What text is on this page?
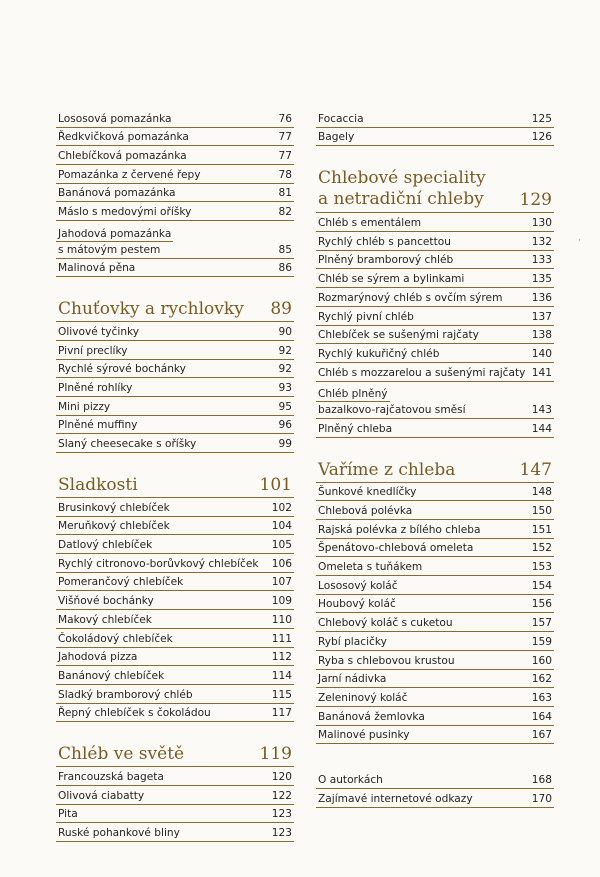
Lososová pomazánka	76
Ředkvičková pomazánka	77
Chlebíčková pomazánka	77
Pomazánka z červené řepy	78
Banánová pomazánka	81
Máslo s medovými oříšky	82
Jahodová pomazánka
s mátovým pestem	85
Malinová pěna	86
Chuťovky a rychlovky 89
Olivové tyčinky	90
Pivní preclíky	92
Rychlé sýrové bochánky	92
Plněné rohlíky	93
Mini pizzy	95
Plněné muffiny	96
Slaný cheesecake s oříšky	99
Sladkosti	101
Brusinkový chlebíček	102
Meruňkový chlebíček	104
Datlový chlebíček	105
Rychlý citronovo-borůvkový chlebíček 106
Pomerančový chlebíček	107
Višňové bochánky	109
Makový chlebíček	110
Čokoládový chlebíček	111
Jahodová pizza	112
Banánový chlebíček	114
Sladký bramborový chléb	115
Řepný chlebíček s čokoládou	117
Chléb ve světě	119
Francouzská bageta	120
Olivová ciabatty	122
Pita	123
Ruské pohankové bliny	123
Focaccia	125
Bagely	126
Chlebové speciality
a netradiční chleby 129
Chléb s ementálem	130
Rychlý chléb s pancettou	132
Plněný bramborový chléb	133
Chléb se sýrem a bylinkami	135
Rozmarýnový chléb s ovčím sýrem	136
Rychlý pivní chléb	137
Chlebíček se sušenými rajčaty	138
Rychlý kukuřičný chléb	140
Chléb s mozzarelou a sušenými rajčaty 141
Chléb plněný
bazalkovo-rajčatovou směsí	143
Plněný chleba	144
Vaříme z chleba	147
Šunkové knedlíčky	148
Chlebová polévka	150
Rajská polévka z bílého chleba	151
Špenátovo-chlebová omeleta	152
Omeleta s tuňákem	153
Lososový koláč	154
Houbový koláč	156
Chlebový koláč s cuketou	157
Rybí placičky	159
Ryba s chlebovou krustou	160
Jarní nádivka	162
Zeleninový koláč	163
Banánová žemlovka	164
Malinové pusinky	167
O autorkách	168
Zajímavé internetové odkazy	170
·
